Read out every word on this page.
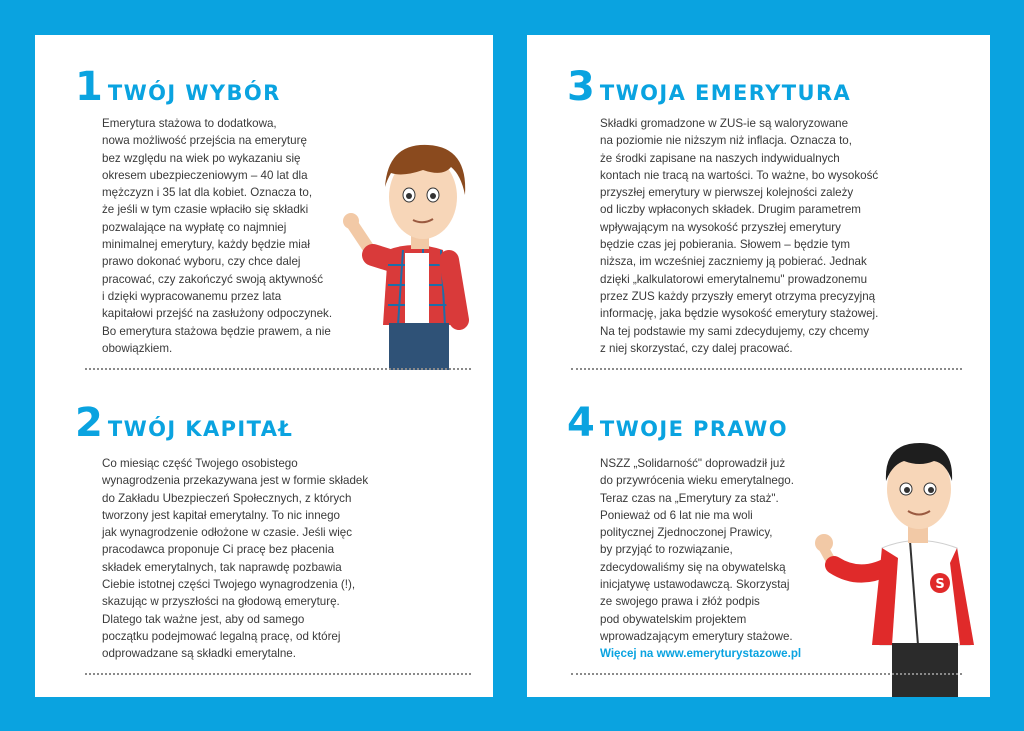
1 TWÓJ WYBÓR

Emerytura stażowa to dodatkowa,

nowa możliwość przejścia na emeryturę

bez względu na wiek po wykazaniu się

okresem ubezpieczeniowym – 40 lat dla

mężczyzn i 35 lat dla kobiet. Oznacza to,

że jeśli w tym czasie wpłaciło się składki

pozwalające na wypłatę co najmniej

minimalnej emerytury, każdy będzie miał

prawo dokonać wyboru, czy chce dalej

pracować, czy zakończyć swoją aktywność

i dzięki wypracowanemu przez lata

kapitałowi przejść na zasłużony odpoczynek.

Bo emerytura stażowa będzie prawem, a nie

obowiązkiem.

2 TWÓJ KAPITAŁ

Co miesiąc część Twojego osobistego

wynagrodzenia przekazywana jest w formie składek

do Zakładu Ubezpieczeń Społecznych, z których

tworzony jest kapitał emerytalny. To nic innego

jak wynagrodzenie odłożone w czasie. Jeśli więc

pracodawca proponuje Ci pracę bez płacenia

składek emerytalnych, tak naprawdę pozbawia

Ciebie istotnej części Twojego wynagrodzenia (!),

skazując w przyszłości na głodową emeryturę.

Dlatego tak ważne jest, aby od samego

początku podejmować legalną pracę, od której

odprowadzane są składki emerytalne.

3 TWOJA EMERYTURA

Składki gromadzone w ZUS-ie są waloryzowane

na poziomie nie niższym niż inflacja. Oznacza to,

że środki zapisane na naszych indywidualnych

kontach nie tracą na wartości. To ważne, bo wysokość

przyszłej emerytury w pierwszej kolejności zależy

od liczby wpłaconych składek. Drugim parametrem

wpływającym na wysokość przyszłej emerytury

będzie czas jej pobierania. Słowem – będzie tym

niższa, im wcześniej zaczniemy ją pobierać. Jednak

dzięki „kalkulatorowi emerytalnemu" prowadzonemu

przez ZUS każdy przyszły emeryt otrzyma precyzyjną

informację, jaka będzie wysokość emerytury stażowej.

Na tej podstawie my sami zdecydujemy, czy chcemy

z niej skorzystać, czy dalej pracować.

4 TWOJE PRAWO

NSZZ „Solidarność" doprowadził już

do przywrócenia wieku emerytalnego.

Teraz czas na „Emerytury za staż".

Ponieważ od 6 lat nie ma woli

politycznej Zjednoczonej Prawicy,

by przyjąć to rozwiązanie,

zdecydowaliśmy się na obywatelską

inicjatywę ustawodawczą. Skorzystaj

ze swojego prawa i złóż podpis

pod obywatelskim projektem

wprowadzającym emerytury stażowe.

Więcej na www.emeryturystazowe.pl

S
